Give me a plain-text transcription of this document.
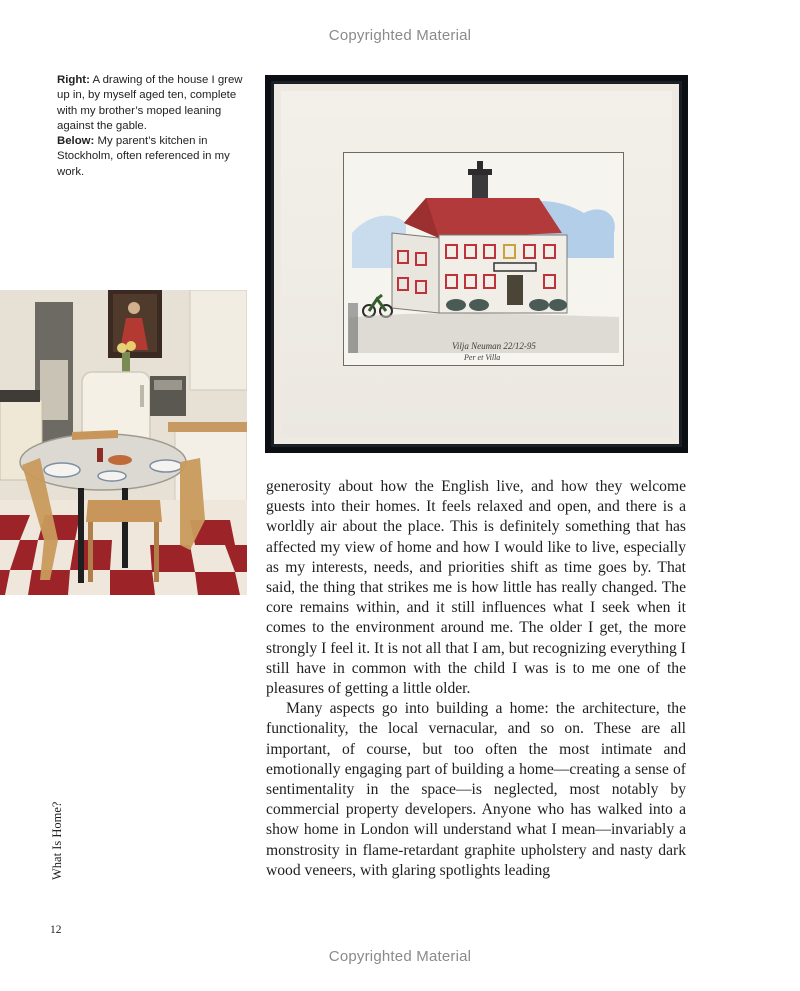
Copyrighted Material

Right: A drawing of the house I grew up in, by myself aged ten, complete with my brother’s moped leaning against the gable.

Below: My parent’s kitchen in Stockholm, often referenced in my work.

Vilja Neuman 22/12-95
Per et Villa

generosity about how the English live, and how they welcome guests into their homes. It feels relaxed and open, and there is a worldly air about the place. This is definitely something that has affected my view of home and how I would like to live, especially as my interests, needs, and priorities shift as time goes by. That said, the thing that strikes me is how little has really changed. The core remains within, and it still influences what I seek when it comes to the environment around me. The older I get, the more strongly I feel it. It is not all that I am, but recognizing everything I still have in common with the child I was is to me one of the pleasures of getting a little older.

Many aspects go into building a home: the architecture, the functionality, the local vernacular, and so on. These are all important, of course, but too often the most intimate and emotionally engaging part of building a home—creating a sense of sentimentality in the space—is neglected, most notably by commercial property developers. Anyone who has walked into a show home in London will understand what I mean—invariably a monstrosity in flame-retardant graphite upholstery and nasty dark wood veneers, with glaring spotlights leading

What Is Home?
12
Copyrighted Material
